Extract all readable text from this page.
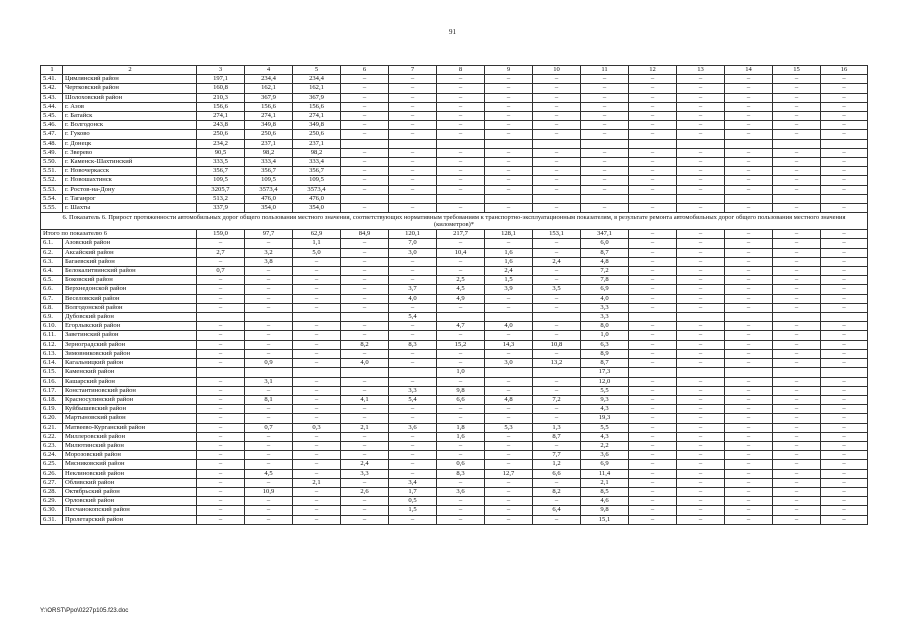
91
1	2	3	4	5	6	7	8	9	10	11	12	13	14	15	16
5.41.	Цимлянский район	197,1	234,4	234,4	–	–	–	–	–	–	–	–	–	–	–
5.42.	Чертковский район	160,8	162,1	162,1	–	–	–	–	–	–	–	–	–	–	–
5.43.	Шолоховский район	210,3	367,9	367,9	–	–	–	–	–	–	–	–	–	–	–
5.44.	г. Азов	156,6	156,6	156,6	–	–	–	–	–	–	–	–	–	–	–
5.45.	г. Батайск	274,1	274,1	274,1	–	–	–	–	–	–	–	–	–	–	–
5.46.	г. Волгодонск	243,8	349,8	349,8	–	–	–	–	–	–	–	–	–	–	–
5.47.	г. Гуково	250,6	250,6	250,6	–	–	–	–	–	–	–	–	–	–	–
5.48.	г. Донецк	234,2	237,1	237,1											
5.49.	г. Зверево	90,5	98,2	98,2	–	–	–	–	–	–	–	–	–	–	–
5.50.	г. Каменск-Шахтинский	333,5	333,4	333,4	–	–	–	–	–	–	–	–	–	–	–
5.51.	г. Новочеркасск	356,7	356,7	356,7	–	–	–	–	–	–	–	–	–	–	–
5.52.	г. Новошахтинск	109,5	109,5	109,5	–	–	–	–	–	–	–	–	–	–	–
5.53.	г. Ростов-на-Дону	3205,7	3573,4	3573,4	–	–	–	–	–	–	–	–	–	–	–
5.54.	г. Таганрог	513,2	476,0	476,0											
5.55.	г. Шахты	337,9	354,0	354,0	–	–	–	–	–	–	–	–	–	–	–
6. Показатель 6. Прирост протяженности автомобильных дорог общего пользования местного значения, соответствующих нормативным требованиям к транспортно-эксплуатационным показателям, в результате ремонта автомобильных дорог общего пользования местного значения (километров)*															
Итого по показателю 6		159,0	97,7	62,9	84,9	120,1	217,7	128,1	153,1	347,1	–	–	–	–	–
6.1.	Азовский район	–	–	1,1	–	7,0	–	–	–	6,0	–	–	–	–	–
6.2.	Аксайский район	2,7	3,2	5,0	–	3,0	10,4	1,6	–	8,7	–	–	–	–	–
6.3.	Багаевский район	–	3,8	–	–	–	–	1,6	2,4	4,8	–	–	–	–	–
6.4.	Белокалитвинский район	0,7	–	–	–	–	–	2,4	–	7,2	–	–	–	–	–
6.5.	Боковский район	–	–	–	–	–	2,5	1,5	–	7,8	–	–	–	–	–
6.6.	Верхнедонской район	–	–	–	–	3,7	4,5	3,9	3,5	6,9	–	–	–	–	–
6.7.	Веселовский район	–	–	–	–	4,0	4,9	–	–	4,0	–	–	–	–	–
6.8.	Волгодонской район	–	–	–	–	–	–	–	–	3,3	–	–	–	–	–
6.9.	Дубовский район					5,4				3,3					
6.10.	Егорлыкский район	–	–	–	–	–	4,7	4,0	–	8,0	–	–	–	–	–
6.11.	Заветинский район	–	–	–	–	–	–	–	–	1,0	–	–	–	–	–
6.12.	Зерноградский район	–	–	–	8,2	8,3	15,2	14,3	10,8	6,3	–	–	–	–	–
6.13.	Зимовниковский район	–	–	–	–	–	–	–	–	8,9	–	–	–	–	–
6.14.	Кагальницкий район	–	0,9	–	4,0	–	–	3,0	13,2	8,7	–	–	–	–	–
6.15.	Каменский район						1,0			17,3					
6.16.	Кашарский район	–	3,1	–	–	–	–	–	–	12,0	–	–	–	–	–
6.17.	Константиновский район	–	–	–	–	3,3	9,8	–	–	5,5	–	–	–	–	–
6.18.	Красносулинский район	–	8,1	–	4,1	5,4	6,6	4,8	7,2	9,3	–	–	–	–	–
6.19.	Куйбышевский район	–	–	–	–	–	–	–	–	4,3	–	–	–	–	–
6.20.	Мартыновский район	–	–	–	–	–	–	–	–	19,3	–	–	–	–	–
6.21.	Матвеево-Курганский район	–	0,7	0,3	2,1	3,6	1,8	5,3	1,3	5,5	–	–	–	–	–
6.22.	Миллеровский район	–	–	–	–	–	1,6	–	8,7	4,3	–	–	–	–	–
6.23.	Милютинский район	–	–	–	–	–	–	–	–	2,2	–	–	–	–	–
6.24.	Морозовский район	–	–	–	–	–	–	–	7,7	3,6	–	–	–	–	–
6.25.	Мясниковский район	–	–	–	2,4	–	0,6	–	1,2	6,9	–	–	–	–	–
6.26.	Неклиновский район	–	4,5	–	3,3	–	8,3	12,7	6,6	11,4	–	–	–	–	–
6.27.	Обливский район	–	–	2,1	–	3,4	–	–	–	2,1	–	–	–	–	–
6.28.	Октябрьский район	–	10,9	–	2,6	1,7	3,6	–	8,2	8,5	–	–	–	–	–
6.29.	Орловский район	–	–	–	–	0,5	–	–	–	4,6	–	–	–	–	–
6.30.	Песчанокопский район	–	–	–	–	1,5	–	–	6,4	9,8	–	–	–	–	–
6.31.	Пролетарский район	–	–	–	–	–	–	–	–	15,1	–	–	–	–	–
Y:\ORST\Ppo\0227p105.f23.doc
